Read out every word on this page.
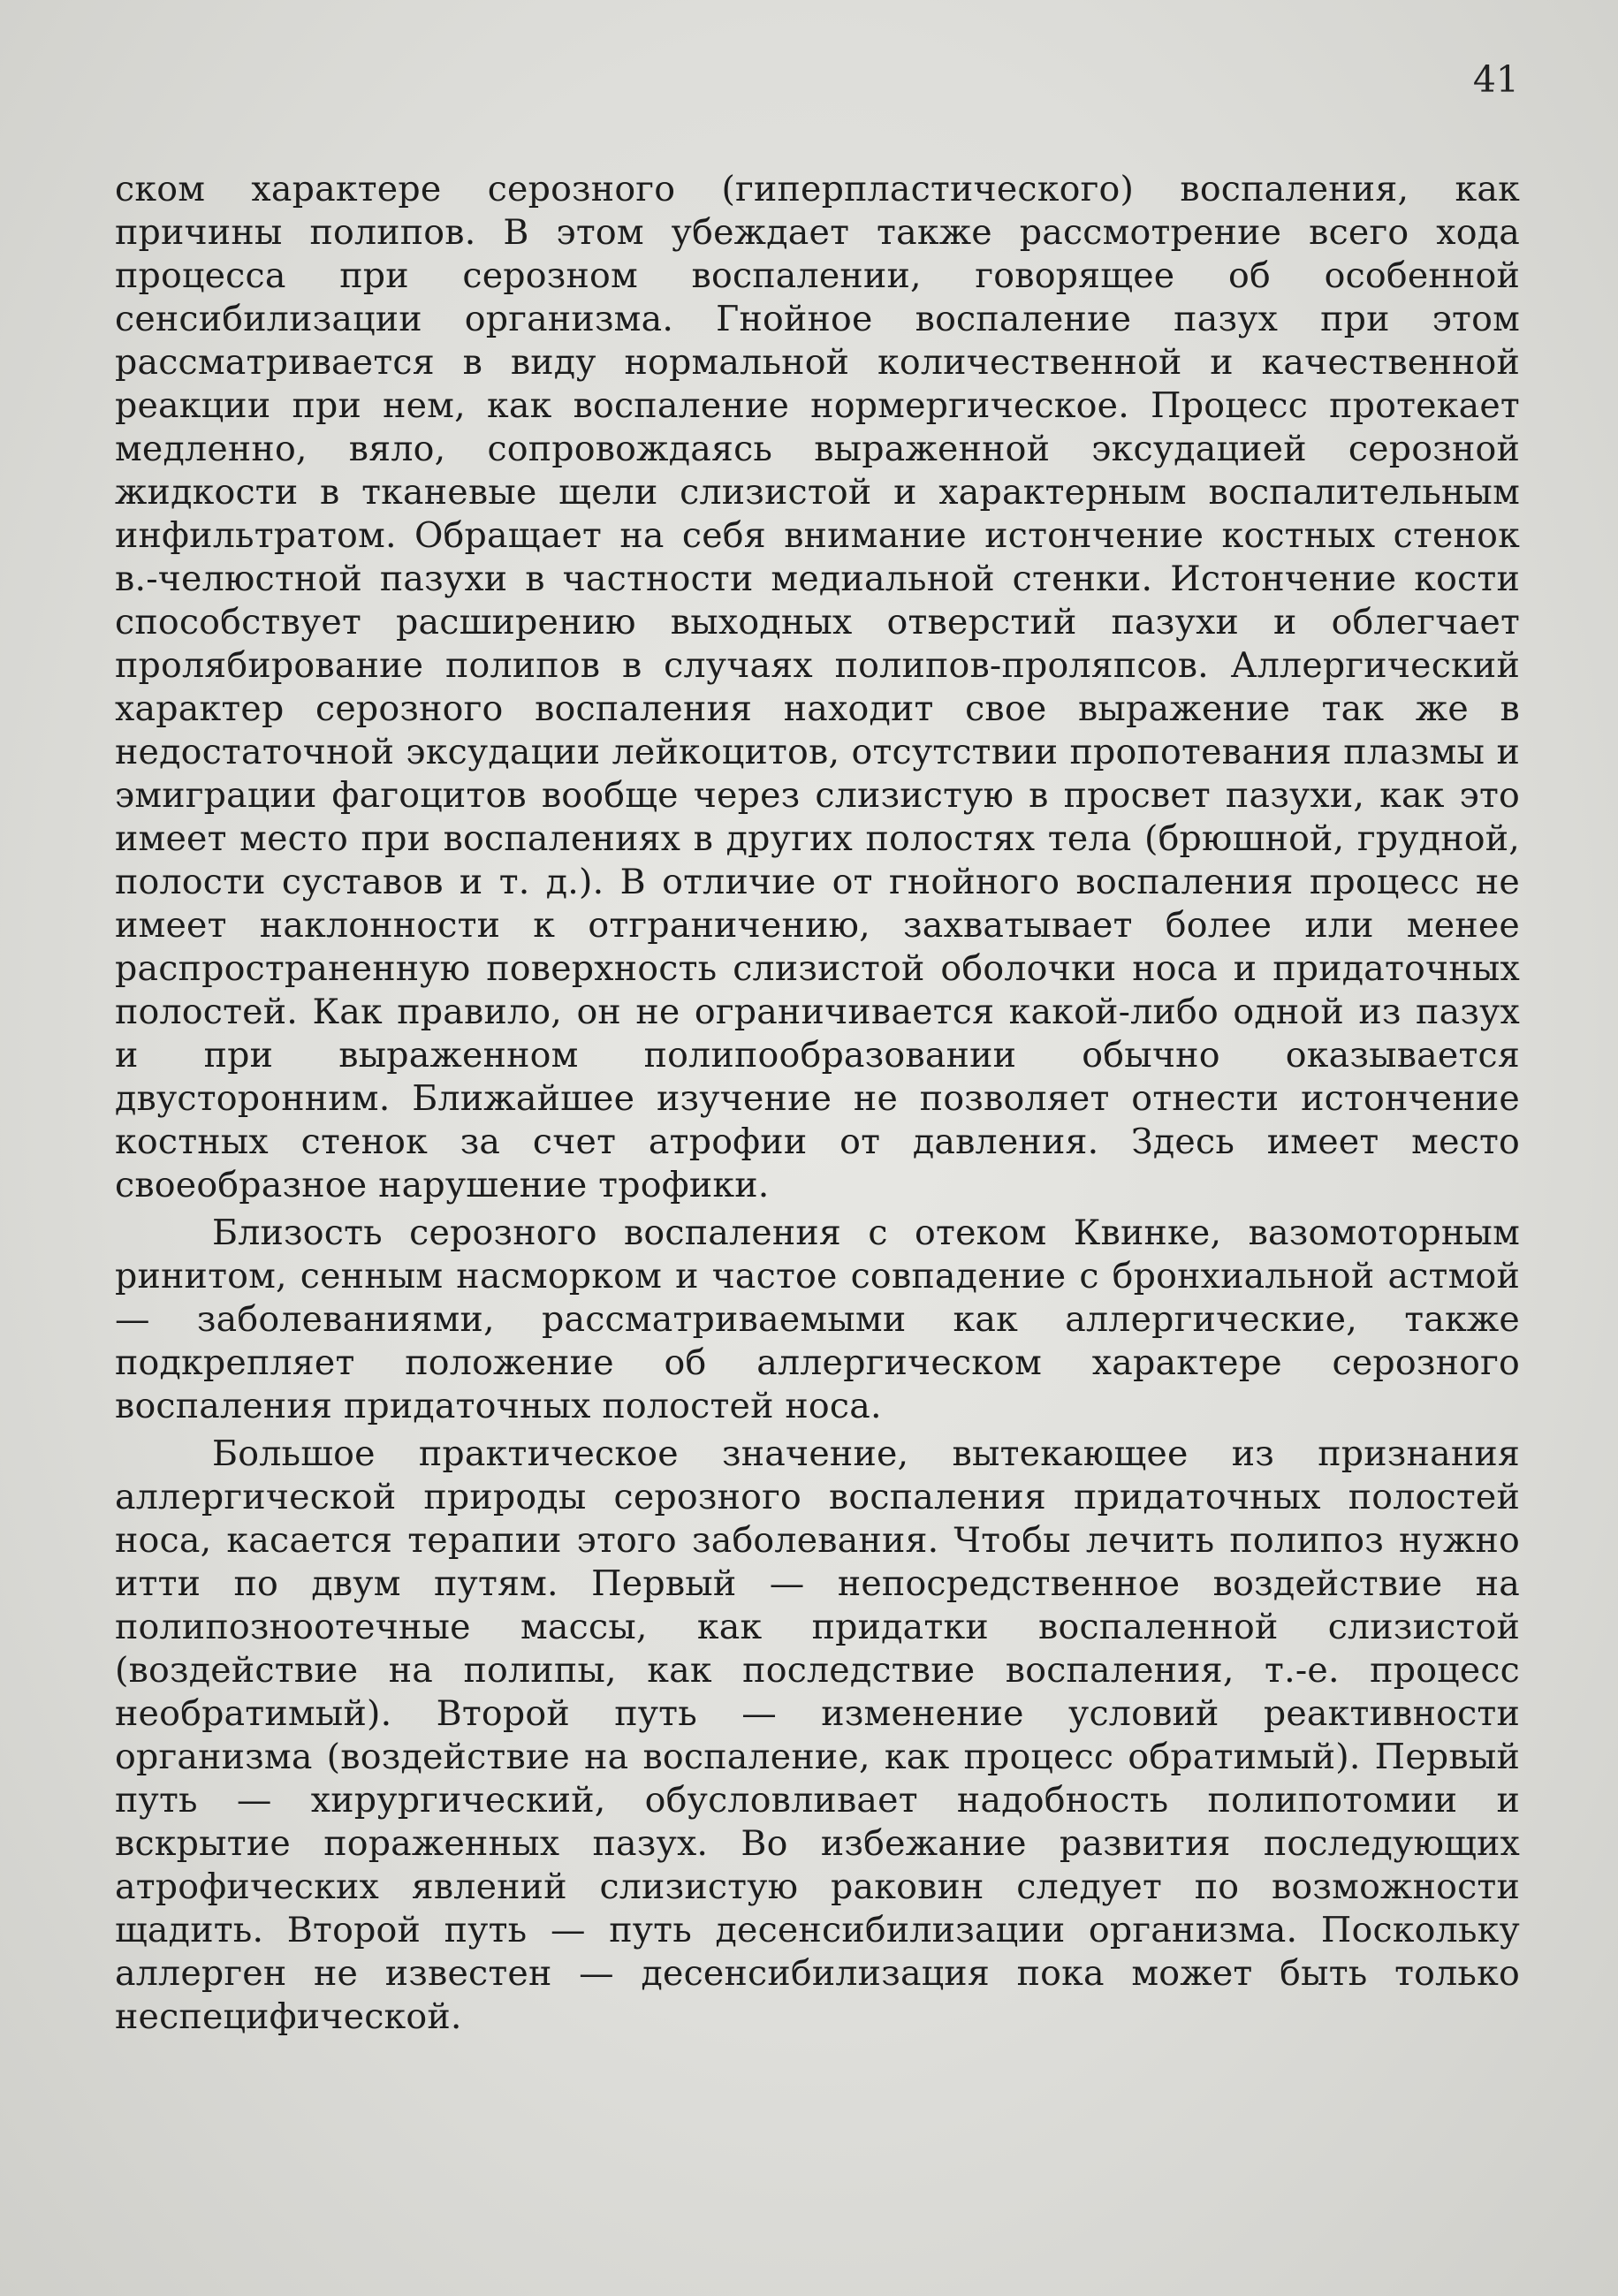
41

ском характере серозного (гиперпластического) воспаления, как причины полипов. В этом убеждает также рассмотрение всего хода процесса при серозном воспалении, говорящее об особенной сенсибилизации организма. Гнойное воспаление пазух при этом рассматривается в виду нормальной количественной и качественной реакции при нем, как воспаление нормергическое. Процесс протекает медленно, вяло, сопровождаясь выраженной эксудацией серозной жидкости в тканевые щели слизистой и характерным воспалительным инфильтратом. Обращает на себя внимание истончение костных стенок в.-челюстной пазухи в частности медиальной стенки. Истончение кости способствует расширению выходных отверстий пазухи и облегчает пролябирование полипов в случаях полипов-проляпсов. Аллергический характер серозного воспаления находит свое выражение так же в недостаточной эксудации лейкоцитов, отсутствии пропотевания плазмы и эмиграции фагоцитов вообще через слизистую в просвет пазухи, как это имеет место при воспалениях в других полостях тела (брюшной, грудной, полости суставов и т. д.). В отличие от гнойного воспаления процесс не имеет наклонности к отграничению, захватывает более или менее распространенную поверхность слизистой оболочки носа и придаточных полостей. Как правило, он не ограничивается какой-либо одной из пазух и при выраженном полипообразовании обычно оказывается двусторонним. Ближайшее изучение не позволяет отнести истончение костных стенок за счет атрофии от давления. Здесь имеет место своеобразное нарушение трофики.

Близость серозного воспаления с отеком Квинке, вазомоторным ринитом, сенным насморком и частое совпадение с бронхиальной астмой — заболеваниями, рассматриваемыми как аллергические, также подкрепляет положение об аллергическом характере серозного воспаления придаточных полостей носа.

Большое практическое значение, вытекающее из признания аллергической природы серозного воспаления придаточных полостей носа, касается терапии этого заболевания. Чтобы лечить полипоз нужно итти по двум путям. Первый — непосредственное воздействие на полипозноотечные массы, как придатки воспаленной слизистой (воздействие на полипы, как последствие воспаления, т.-е. процесс необратимый). Второй путь — изменение условий реактивности организма (воздействие на воспаление, как процесс обратимый). Первый путь — хирургический, обусловливает надобность полипотомии и вскрытие пораженных пазух. Во избежание развития последующих атрофических явлений слизистую раковин следует по возможности щадить. Второй путь — путь десенсибилизации организма. Поскольку аллерген не известен — десенсибилизация пока может быть только неспецифической.
